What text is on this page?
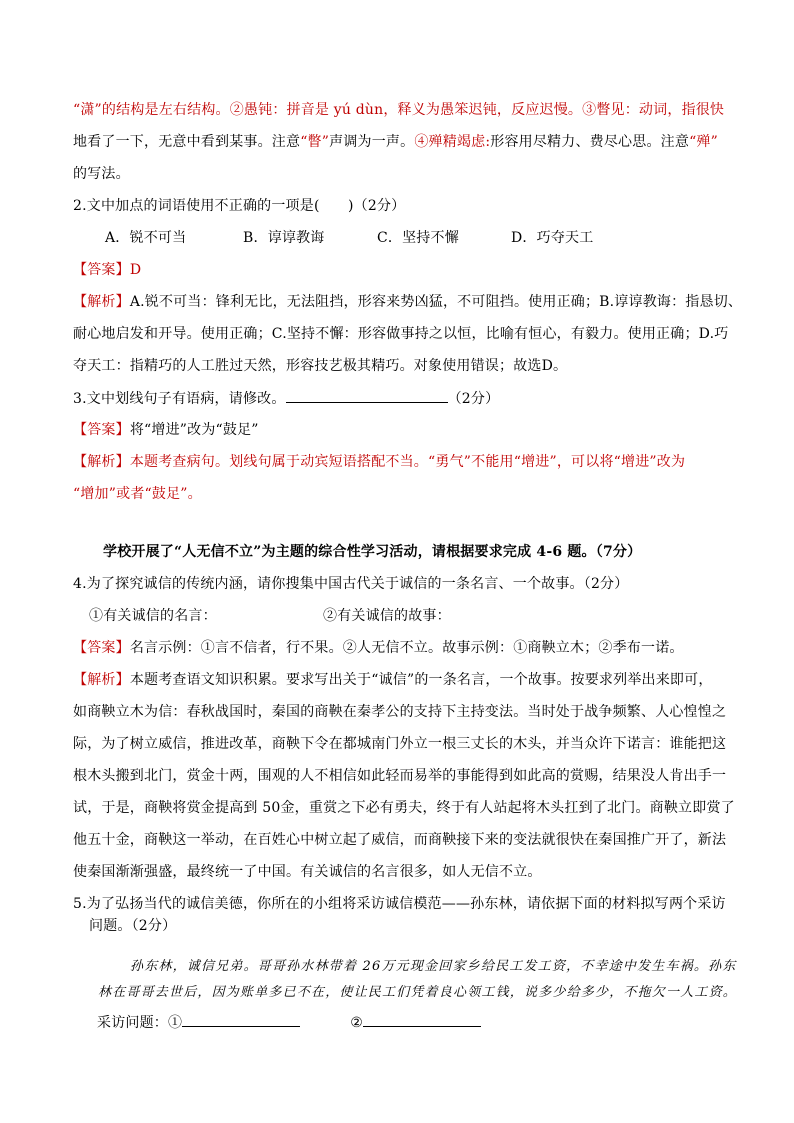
“潇”的结构是左右结构。②愚钝：拼音是 yú dùn，释义为愚笨迟钝，反应迟慢。③瞥见：动词，指很快
地看了一下，无意中看到某事。注意“瞥”声调为一声。④殚精竭虑:形容用尽精力、费尽心思。注意“殚”
的写法。
2.文中加点的词语使用不正确的一项是(　　)（2分）
A．锐不可当	B．谆谆教诲	C．坚持不懈	D．巧夺天工
【答案】D
【解析】A.锐不可当：锋利无比，无法阻挡，形容来势凶猛，不可阻挡。使用正确；B.谆谆教诲：指恳切、
耐心地启发和开导。使用正确；C.坚持不懈：形容做事持之以恒，比喻有恒心，有毅力。使用正确；D.巧
夺天工：指精巧的人工胜过天然，形容技艺极其精巧。对象使用错误；故选D。
3.文中划线句子有语病，请修改。	（2分）
【答案】将“增进”改为“鼓足”
【解析】本题考查病句。划线句属于动宾短语搭配不当。“勇气”不能用“增进”，可以将“增进”改为
“增加”或者“鼓足”。
学校开展了“人无信不立”为主题的综合性学习活动，请根据要求完成 4-6 题。（7分）
4.为了探究诚信的传统内涵，请你搜集中国古代关于诚信的一条名言、一个故事。（2分）
①有关诚信的名言：	②有关诚信的故事：
【答案】名言示例：①言不信者，行不果。②人无信不立。故事示例：①商鞅立木；②季布一诺。
【解析】本题考查语文知识积累。要求写出关于“诚信”的一条名言，一个故事。按要求列举出来即可，
如商鞅立木为信：春秋战国时，秦国的商鞅在秦孝公的支持下主持变法。当时处于战争频繁、人心惶惶之
际，为了树立威信，推进改革，商鞅下令在都城南门外立一根三丈长的木头，并当众许下诺言：谁能把这
根木头搬到北门，赏金十两，围观的人不相信如此轻而易举的事能得到如此高的赏赐，结果没人肯出手一
试，于是，商鞅将赏金提高到 50金，重赏之下必有勇夫，终于有人站起将木头扛到了北门。商鞅立即赏了
他五十金，商鞅这一举动，在百姓心中树立起了威信，而商鞅接下来的变法就很快在秦国推广开了，新法
使秦国渐渐强盛，最终统一了中国。有关诚信的名言很多，如人无信不立。
5.为了弘扬当代的诚信美德，你所在的小组将采访诚信模范——孙东林，请依据下面的材料拟写两个采访
问题。（2分）
孙东林，诚信兄弟。哥哥孙水林带着 26万元现金回家乡给民工发工资，不幸途中发生车祸。孙东
林在哥哥去世后，因为账单多已不在，使让民工们凭着良心领工钱，说多少给多少，不拖欠一人工资。
采访问题：①	②
